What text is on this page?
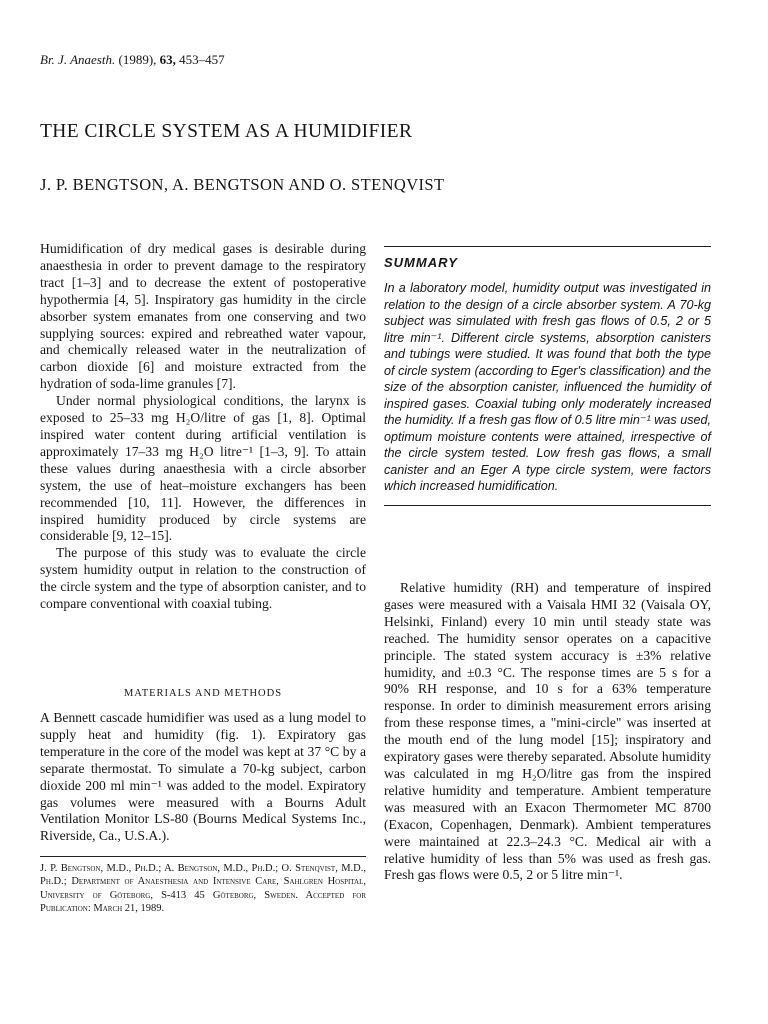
Br. J. Anaesth. (1989), 63, 453–457
THE CIRCLE SYSTEM AS A HUMIDIFIER
J. P. BENGTSON, A. BENGTSON AND O. STENQVIST

Humidification of dry medical gases is desirable during anaesthesia in order to prevent damage to the respiratory tract [1–3] and to decrease the extent of postoperative hypothermia [4, 5]. Inspiratory gas humidity in the circle absorber system emanates from one conserving and two supplying sources: expired and rebreathed water vapour, and chemically released water in the neutralization of carbon dioxide [6] and moisture extracted from the hydration of soda-lime granules [7].

Under normal physiological conditions, the larynx is exposed to 25–33 mg H₂O/litre of gas [1, 8]. Optimal inspired water content during artificial ventilation is approximately 17–33 mg H₂O litre⁻¹ [1–3, 9]. To attain these values during anaesthesia with a circle absorber system, the use of heat–moisture exchangers has been recommended [10, 11]. However, the differences in inspired humidity produced by circle systems are considerable [9, 12–15].

The purpose of this study was to evaluate the circle system humidity output in relation to the construction of the circle system and the type of absorption canister, and to compare conventional with coaxial tubing.

MATERIALS AND METHODS

A Bennett cascade humidifier was used as a lung model to supply heat and humidity (fig. 1). Expiratory gas temperature in the core of the model was kept at 37 °C by a separate thermostat. To simulate a 70-kg subject, carbon dioxide 200 ml min⁻¹ was added to the model. Expiratory gas volumes were measured with a Bourns Adult Ventilation Monitor LS-80 (Bourns Medical Systems Inc., Riverside, Ca., U.S.A.).

J. P. Bengtson, M.D., Ph.D.; A. Bengtson, M.D., Ph.D.; O. Stenqvist, M.D., Ph.D.; Department of Anaesthesia and Intensive Care, Sahlgren Hospital, University of Göteborg, S-413 45 Göteborg, Sweden. Accepted for Publication: March 21, 1989.
SUMMARY
In a laboratory model, humidity output was investigated in relation to the design of a circle absorber system. A 70-kg subject was simulated with fresh gas flows of 0.5, 2 or 5 litre min⁻¹. Different circle systems, absorption canisters and tubings were studied. It was found that both the type of circle system (according to Eger's classification) and the size of the absorption canister, influenced the humidity of inspired gases. Coaxial tubing only moderately increased the humidity. If a fresh gas flow of 0.5 litre min⁻¹ was used, optimum moisture contents were attained, irrespective of the circle system tested. Low fresh gas flows, a small canister and an Eger A type circle system, were factors which increased humidification.

Relative humidity (RH) and temperature of inspired gases were measured with a Vaisala HMI 32 (Vaisala OY, Helsinki, Finland) every 10 min until steady state was reached. The humidity sensor operates on a capacitive principle. The stated system accuracy is ±3% relative humidity, and ±0.3 °C. The response times are 5 s for a 90% RH response, and 10 s for a 63% temperature response. In order to diminish measurement errors arising from these response times, a "mini-circle" was inserted at the mouth end of the lung model [15]; inspiratory and expiratory gases were thereby separated. Absolute humidity was calculated in mg H₂O/litre gas from the inspired relative humidity and temperature. Ambient temperature was measured with an Exacon Thermometer MC 8700 (Exacon, Copenhagen, Denmark). Ambient temperatures were maintained at 22.3–24.3 °C. Medical air with a relative humidity of less than 5% was used as fresh gas. Fresh gas flows were 0.5, 2 or 5 litre min⁻¹.
